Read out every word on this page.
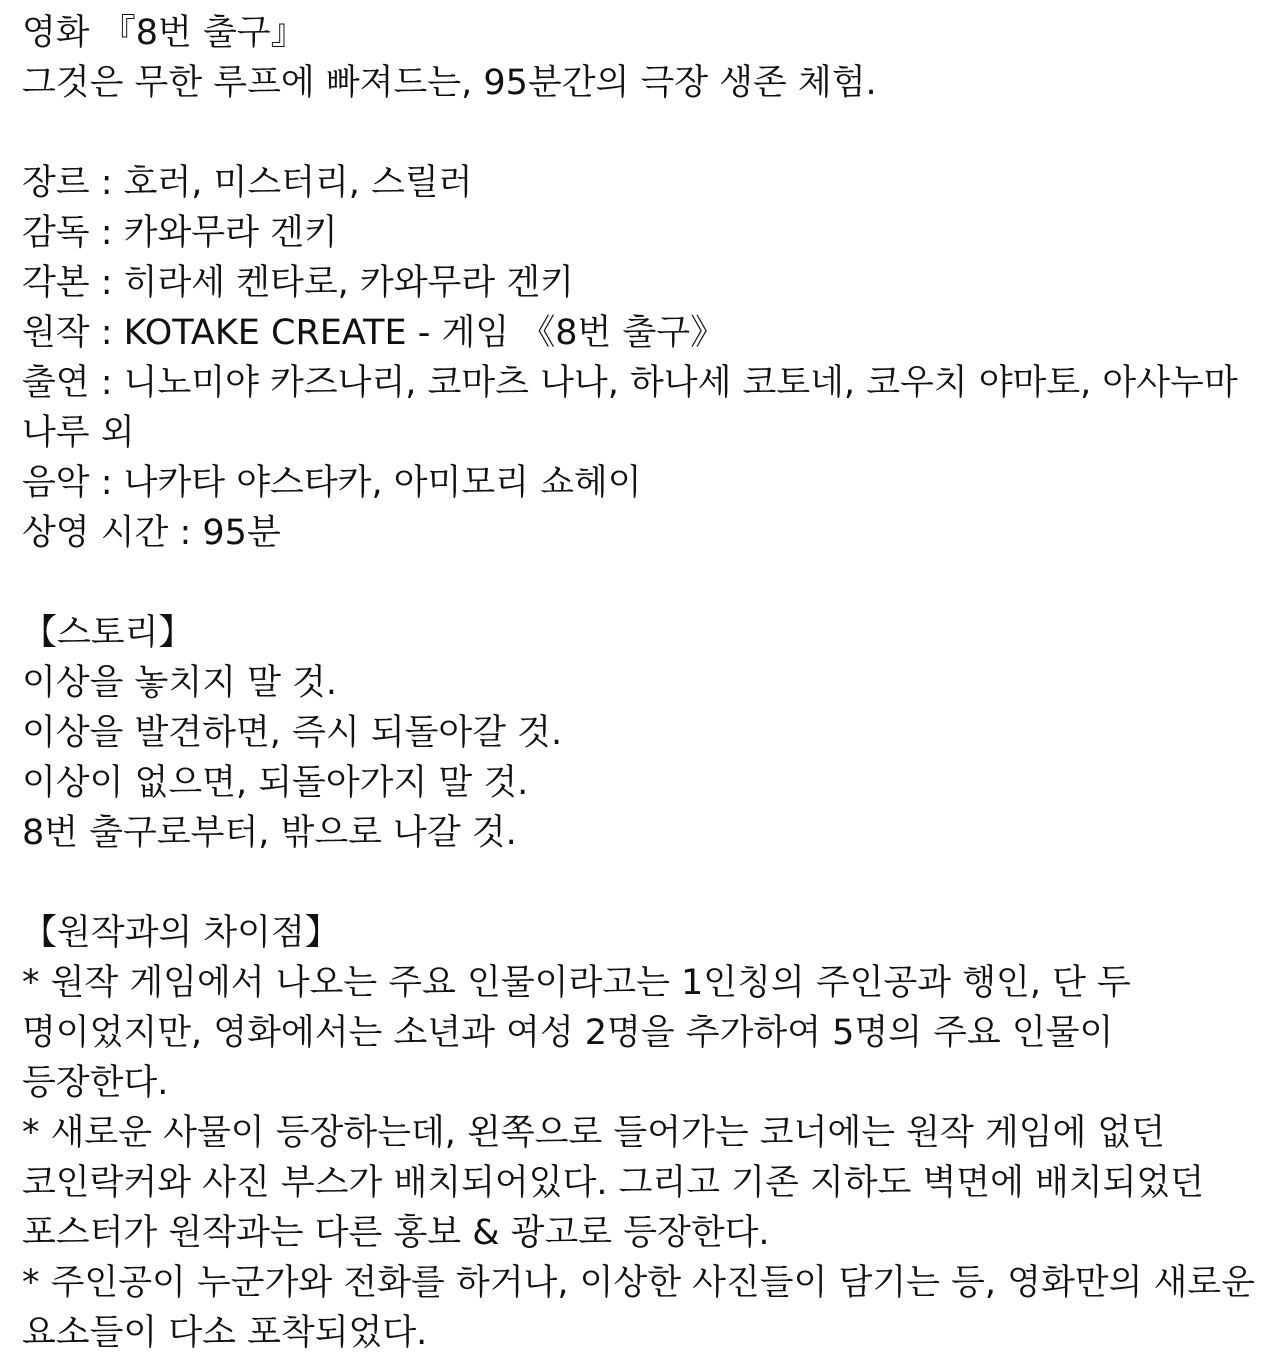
영화 『8번 출구』
그것은 무한 루프에 빠져드는, 95분간의 극장 생존 체험.
장르 : 호러, 미스터리, 스릴러
감독 : 카와무라 겐키
각본 : 히라세 켄타로, 카와무라 겐키
원작 : KOTAKE CREATE - 게임 《8번 출구》
출연 : 니노미야 카즈나리, 코마츠 나나, 하나세 코토네, 코우치 야마토, 아사누마 나루 외
음악 : 나카타 야스타카, 아미모리 쇼헤이
상영 시간 : 95분
【스토리】
이상을 놓치지 말 것.
이상을 발견하면, 즉시 되돌아갈 것.
이상이 없으면, 되돌아가지 말 것.
8번 출구로부터, 밖으로 나갈 것.
【원작과의 차이점】
* 원작 게임에서 나오는 주요 인물이라고는 1인칭의 주인공과 행인, 단 두 명이었지만, 영화에서는 소년과 여성 2명을 추가하여 5명의 주요 인물이 등장한다.
* 새로운 사물이 등장하는데, 왼쪽으로 들어가는 코너에는 원작 게임에 없던 코인락커와 사진 부스가 배치되어있다. 그리고 기존 지하도 벽면에 배치되었던 포스터가 원작과는 다른 홍보 & 광고로 등장한다.
* 주인공이 누군가와 전화를 하거나, 이상한 사진들이 담기는 등, 영화만의 새로운 요소들이 다소 포착되었다.
